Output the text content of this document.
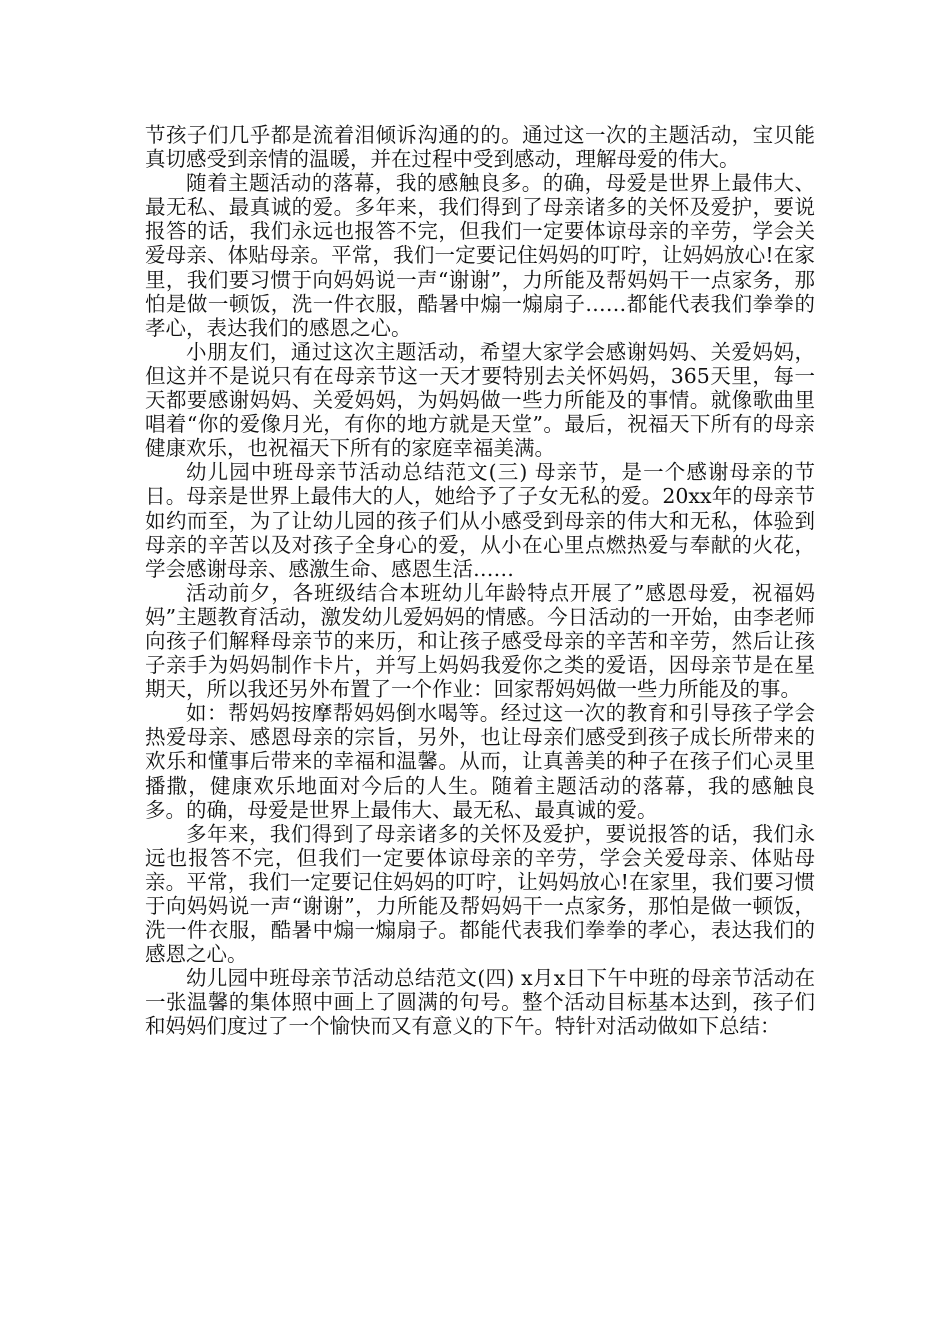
节孩子们几乎都是流着泪倾诉沟通的的。通过这一次的主题活动，宝贝能真切感受到亲情的温暖，并在过程中受到感动，理解母爱的伟大。

随着主题活动的落幕，我的感触良多。的确，母爱是世界上最伟大、最无私、最真诚的爱。多年来，我们得到了母亲诸多的关怀及爱护，要说报答的话，我们永远也报答不完，但我们一定要体谅母亲的辛劳，学会关爱母亲、体贴母亲。平常，我们一定要记住妈妈的叮咛，让妈妈放心!在家里，我们要习惯于向妈妈说一声“谢谢”，力所能及帮妈妈干一点家务，那怕是做一顿饭，洗一件衣服，酷暑中煽一煽扇子……都能代表我们拳拳的孝心，表达我们的感恩之心。

小朋友们，通过这次主题活动，希望大家学会感谢妈妈、关爱妈妈，但这并不是说只有在母亲节这一天才要特别去关怀妈妈，365天里，每一天都要感谢妈妈、关爱妈妈，为妈妈做一些力所能及的事情。就像歌曲里唱着“你的爱像月光，有你的地方就是天堂”。最后，祝福天下所有的母亲健康欢乐，也祝福天下所有的家庭幸福美满。

幼儿园中班母亲节活动总结范文(三) 母亲节，是一个感谢母亲的节日。母亲是世界上最伟大的人，她给予了子女无私的爱。20xx年的母亲节如约而至，为了让幼儿园的孩子们从小感受到母亲的伟大和无私，体验到母亲的辛苦以及对孩子全身心的爱，从小在心里点燃热爱与奉献的火花，学会感谢母亲、感激生命、感恩生活……

活动前夕，各班级结合本班幼儿年龄特点开展了”感恩母爱，祝福妈妈”主题教育活动，激发幼儿爱妈妈的情感。今日活动的一开始，由李老师向孩子们解释母亲节的来历，和让孩子感受母亲的辛苦和辛劳，然后让孩子亲手为妈妈制作卡片，并写上妈妈我爱你之类的爱语，因母亲节是在星期天，所以我还另外布置了一个作业：回家帮妈妈做一些力所能及的事。

如：帮妈妈按摩帮妈妈倒水喝等。经过这一次的教育和引导孩子学会热爱母亲、感恩母亲的宗旨，另外，也让母亲们感受到孩子成长所带来的欢乐和懂事后带来的幸福和温馨。从而，让真善美的种子在孩子们心灵里播撒，健康欢乐地面对今后的人生。随着主题活动的落幕，我的感触良多。的确，母爱是世界上最伟大、最无私、最真诚的爱。

多年来，我们得到了母亲诸多的关怀及爱护，要说报答的话，我们永远也报答不完，但我们一定要体谅母亲的辛劳，学会关爱母亲、体贴母亲。平常，我们一定要记住妈妈的叮咛，让妈妈放心!在家里，我们要习惯于向妈妈说一声“谢谢”，力所能及帮妈妈干一点家务，那怕是做一顿饭，洗一件衣服，酷暑中煽一煽扇子。都能代表我们拳拳的孝心，表达我们的感恩之心。

幼儿园中班母亲节活动总结范文(四) x月x日下午中班的母亲节活动在一张温馨的集体照中画上了圆满的句号。整个活动目标基本达到，孩子们和妈妈们度过了一个愉快而又有意义的下午。特针对活动做如下总结：
